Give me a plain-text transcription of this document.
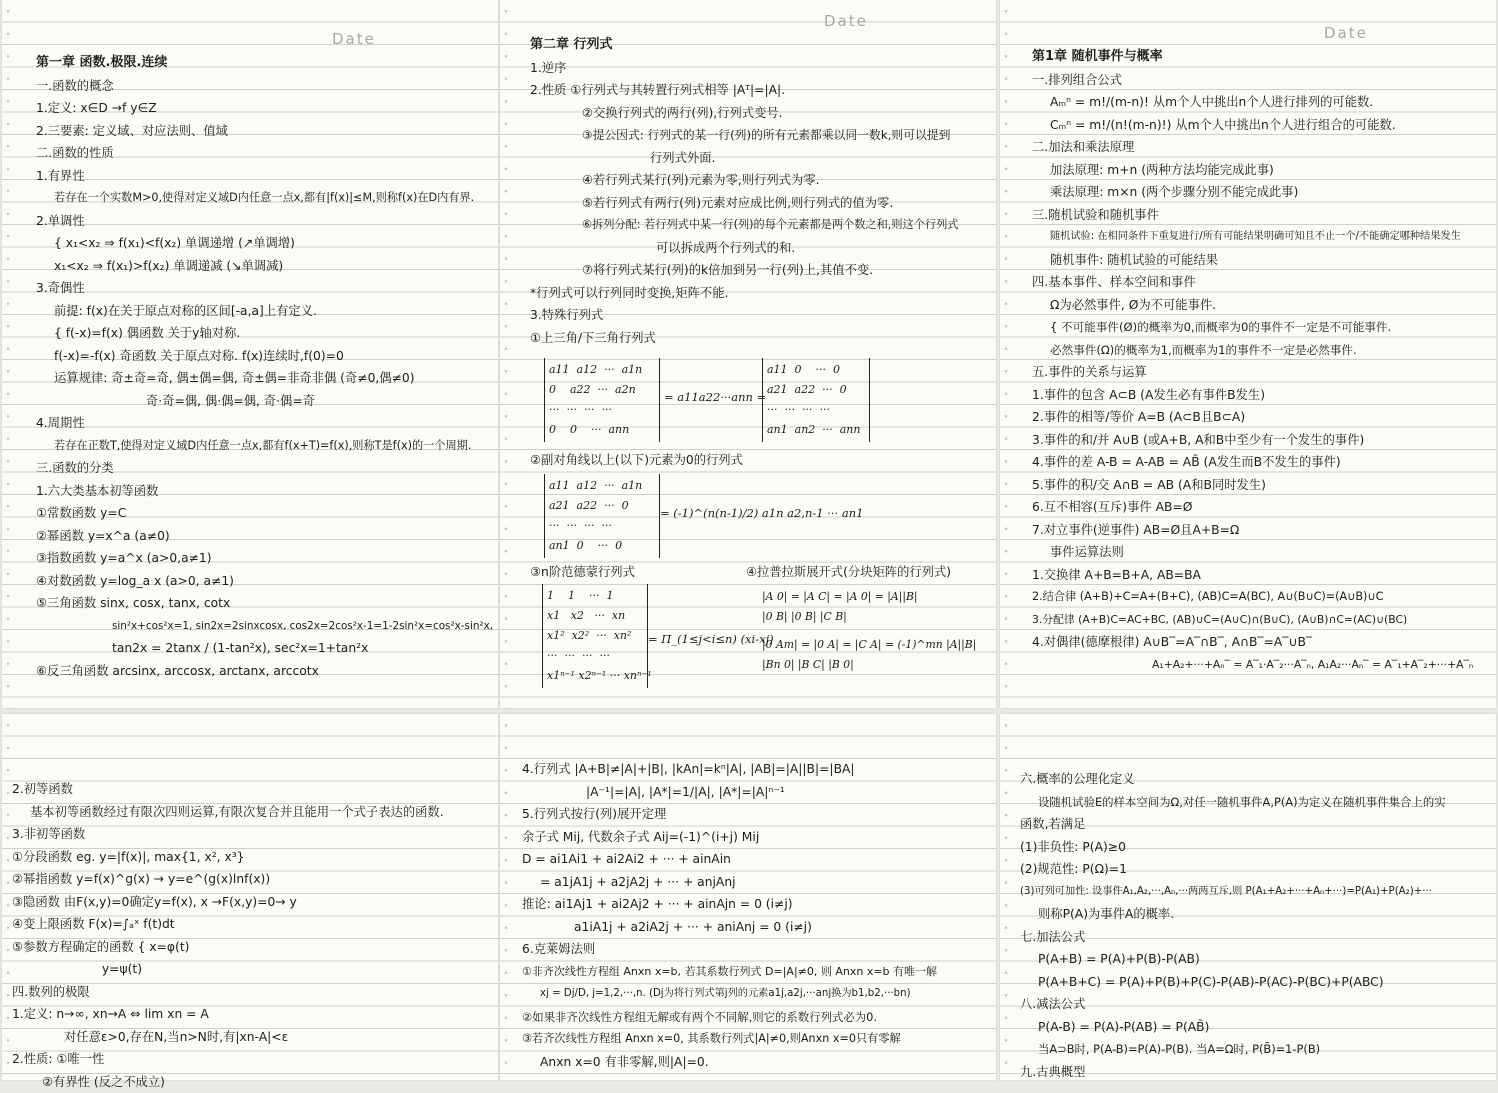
Date
第一章 函数.极限.连续
一.函数的概念
1.定义: x∈D →f y∈Z
2.三要素: 定义域、对应法则、值域
二.函数的性质
1.有界性
若存在一个实数M>0,使得对定义域D内任意一点x,都有|f(x)|≤M,则称f(x)在D内有界.
2.单调性
{ x₁<x₂ ⇒ f(x₁)<f(x₂) 单调递增 (↗单调增)
x₁<x₂ ⇒ f(x₁)>f(x₂) 单调递减 (↘单调减)
3.奇偶性
前提: f(x)在关于原点对称的区间[-a,a]上有定义.
{ f(-x)=f(x) 偶函数 关于y轴对称.
f(-x)=-f(x) 奇函数 关于原点对称. f(x)连续时,f(0)=0
运算规律: 奇±奇=奇, 偶±偶=偶, 奇±偶=非奇非偶 (奇≠0,偶≠0)
奇·奇=偶, 偶·偶=偶, 奇·偶=奇
4.周期性
若存在正数T,使得对定义域D内任意一点x,都有f(x+T)=f(x),则称T是f(x)的一个周期.
三.函数的分类
1.六大类基本初等函数
①常数函数 y=C
②幂函数 y=x^a (a≠0)
③指数函数 y=a^x (a>0,a≠1)
④对数函数 y=log_a x (a>0, a≠1)
⑤三角函数 sinx, cosx, tanx, cotx
sin²x+cos²x=1, sin2x=2sinxcosx, cos2x=2cos²x-1=1-2sin²x=cos²x-sin²x,
tan2x = 2tanx / (1-tan²x), sec²x=1+tan²x
⑥反三角函数 arcsinx, arccosx, arctanx, arccotx
Date
第二章 行列式
1.逆序
2.性质 ①行列式与其转置行列式相等 |Aᵀ|=|A|.
②交换行列式的两行(列),行列式变号.
③提公因式: 行列式的某一行(列)的所有元素都乘以同一数k,则可以提到
行列式外面.
④若行列式某行(列)元素为零,则行列式为零.
⑤若行列式有两行(列)元素对应成比例,则行列式的值为零.
⑥拆列分配: 若行列式中某一行(列)的每个元素都是两个数之和,则这个行列式
可以拆成两个行列式的和.
⑦将行列式某行(列)的k倍加到另一行(列)上,其值不变.
*行列式可以行列同时变换,矩阵不能.
3.特殊行列式
①上三角/下三角行列式
a11  a12  ···  a1n
0    a22  ···  a2n
···  ···  ···  ···
0    0    ···  ann
= a11a22···ann =
a11  0    ···  0
a21  a22  ···  0
···  ···  ···  ···
an1  an2  ···  ann
②副对角线以上(以下)元素为0的行列式
a11  a12  ···  a1n
a21  a22  ···  0
···  ···  ···  ···
an1  0    ···  0
= (-1)^(n(n-1)/2) a1n a2,n-1 ··· an1
③n阶范德蒙行列式	④拉普拉斯展开式(分块矩阵的行列式)
1    1    ···  1
x1   x2   ···  xn
x1²  x2²  ···  xn²
···  ···  ···  ···
x1ⁿ⁻¹ x2ⁿ⁻¹ ··· xnⁿ⁻¹
= Π_(1≤j<i≤n) (xi-xj)
|A 0| = |A C| = |A 0| = |A||B|
|0 B| |0 B| |C B|
|0 Am| = |0 A| = |C A| = (-1)^mn |A||B|
|Bn 0| |B C| |B 0|
Date
第1章 随机事件与概率
一.排列组合公式
Aₘⁿ = m!/(m-n)! 从m个人中挑出n个人进行排列的可能数.
Cₘⁿ = m!/(n!(m-n)!) 从m个人中挑出n个人进行组合的可能数.
二.加法和乘法原理
加法原理: m+n (两种方法均能完成此事)
乘法原理: m×n (两个步骤分别不能完成此事)
三.随机试验和随机事件
随机试验: 在相同条件下重复进行/所有可能结果明确可知且不止一个/不能确定哪种结果发生
随机事件: 随机试验的可能结果
四.基本事件、样本空间和事件
Ω为必然事件, Ø为不可能事件.
{ 不可能事件(Ø)的概率为0,而概率为0的事件不一定是不可能事件.
必然事件(Ω)的概率为1,而概率为1的事件不一定是必然事件.
五.事件的关系与运算
1.事件的包含 A⊂B (A发生必有事件B发生)
2.事件的相等/等价 A=B (A⊂B且B⊂A)
3.事件的和/并 A∪B (或A+B, A和B中至少有一个发生的事件)
4.事件的差 A-B = A-AB = AB̄ (A发生而B不发生的事件)
5.事件的积/交 A∩B = AB (A和B同时发生)
6.互不相容(互斥)事件 AB=Ø
7.对立事件(逆事件) AB=Ø且A+B=Ω
事件运算法则
1.交换律 A+B=B+A, AB=BA
2.结合律 (A+B)+C=A+(B+C), (AB)C=A(BC), A∪(B∪C)=(A∪B)∪C
3.分配律 (A+B)C=AC+BC, (AB)∪C=(A∪C)∩(B∪C), (A∪B)∩C=(AC)∪(BC)
4.对偶律(德摩根律) A∪B‾=A‾∩B‾, A∩B‾=A‾∪B‾
A₁+A₂+···+Aₙ‾ = A‾₁·A‾₂···A‾ₙ, A₁A₂···Aₙ‾ = A‾₁+A‾₂+···+A‾ₙ
2.初等函数
基本初等函数经过有限次四则运算,有限次复合并且能用一个式子表达的函数.
3.非初等函数
①分段函数 eg. y=|f(x)|, max{1, x², x³}
②幂指函数 y=f(x)^g(x) → y=e^(g(x)lnf(x))
③隐函数 由F(x,y)=0确定y=f(x), x →F(x,y)=0→ y
④变上限函数 F(x)=∫ₐˣ f(t)dt
⑤参数方程确定的函数 { x=φ(t)
y=ψ(t)
四.数列的极限
1.定义: n→∞, xn→A ⇔ lim xn = A
对任意ε>0,存在N,当n>N时,有|xn-A|<ε
2.性质: ①唯一性
②有界性 (反之不成立)
4.行列式 |A+B|≠|A|+|B|, |kAn|=kⁿ|A|, |AB|=|A||B|=|BA|
|A⁻¹|=|A|, |A*|=1/|A|, |A*|=|A|ⁿ⁻¹
5.行列式按行(列)展开定理
余子式 Mij, 代数余子式 Aij=(-1)^(i+j) Mij
D = ai1Ai1 + ai2Ai2 + ··· + ainAin
= a1jA1j + a2jA2j + ··· + anjAnj
推论: ai1Aj1 + ai2Aj2 + ··· + ainAjn = 0 (i≠j)
a1iA1j + a2iA2j + ··· + aniAnj = 0 (i≠j)
6.克莱姆法则
①非齐次线性方程组 Anxn x=b, 若其系数行列式 D=|A|≠0, 则 Anxn x=b 有唯一解
xj = Dj/D, j=1,2,···,n. (Dj为将行列式第j列的元素a1j,a2j,···anj换为b1,b2,···bn)
②如果非齐次线性方程组无解或有两个不同解,则它的系数行列式必为0.
③若齐次线性方程组 Anxn x=0, 其系数行列式|A|≠0,则Anxn x=0只有零解
Anxn x=0 有非零解,则|A|=0.
六.概率的公理化定义
设随机试验E的样本空间为Ω,对任一随机事件A,P(A)为定义在随机事件集合上的实
函数,若满足
(1)非负性: P(A)≥0
(2)规范性: P(Ω)=1
(3)可列可加性: 设事件A₁,A₂,···,Aₙ,···两两互斥,则 P(A₁+A₂+···+Aₙ+···)=P(A₁)+P(A₂)+···
则称P(A)为事件A的概率.
七.加法公式
P(A+B) = P(A)+P(B)-P(AB)
P(A+B+C) = P(A)+P(B)+P(C)-P(AB)-P(AC)-P(BC)+P(ABC)
八.减法公式
P(A-B) = P(A)-P(AB) = P(AB̄)
当A⊃B时, P(A-B)=P(A)-P(B). 当A=Ω时, P(B̄)=1-P(B)
九.古典概型
